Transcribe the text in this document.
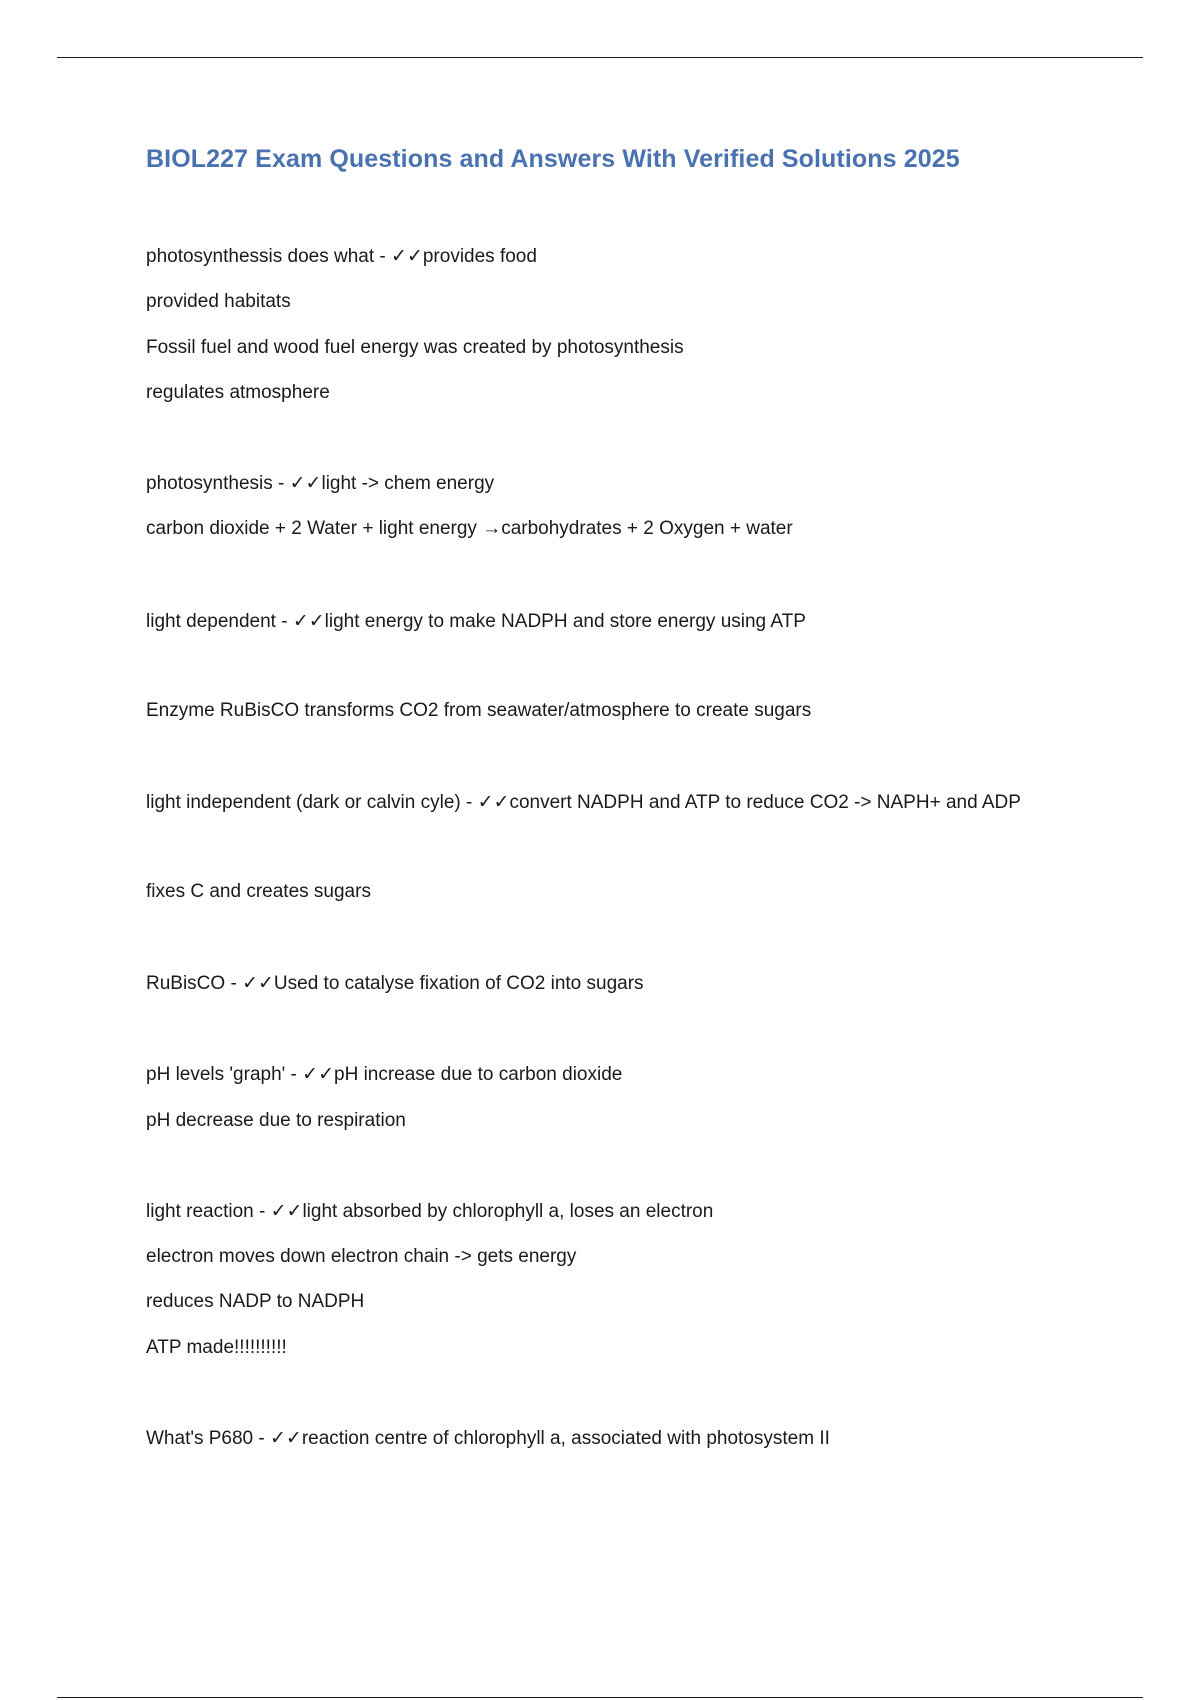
BIOL227 Exam Questions and Answers With Verified Solutions 2025

photosynthessis does what - ✓✓provides food

provided habitats

Fossil fuel and wood fuel energy was created by photosynthesis

regulates atmosphere

photosynthesis - ✓✓light -> chem energy

carbon dioxide + 2 Water + light energy →carbohydrates + 2 Oxygen + water

light dependent - ✓✓light energy to make NADPH and store energy using ATP

Enzyme RuBisCO transforms CO2 from seawater/atmosphere to create sugars

light independent (dark or calvin cyle) - ✓✓convert NADPH and ATP to reduce CO2 -> NAPH+ and ADP

fixes C and creates sugars

RuBisCO - ✓✓Used to catalyse fixation of CO2 into sugars

pH levels 'graph' - ✓✓pH increase due to carbon dioxide

pH decrease due to respiration

light reaction - ✓✓light absorbed by chlorophyll a, loses an electron

electron moves down electron chain -> gets energy

reduces NADP to NADPH

ATP made!!!!!!!!!!

What's P680 - ✓✓reaction centre of chlorophyll a, associated with photosystem II
